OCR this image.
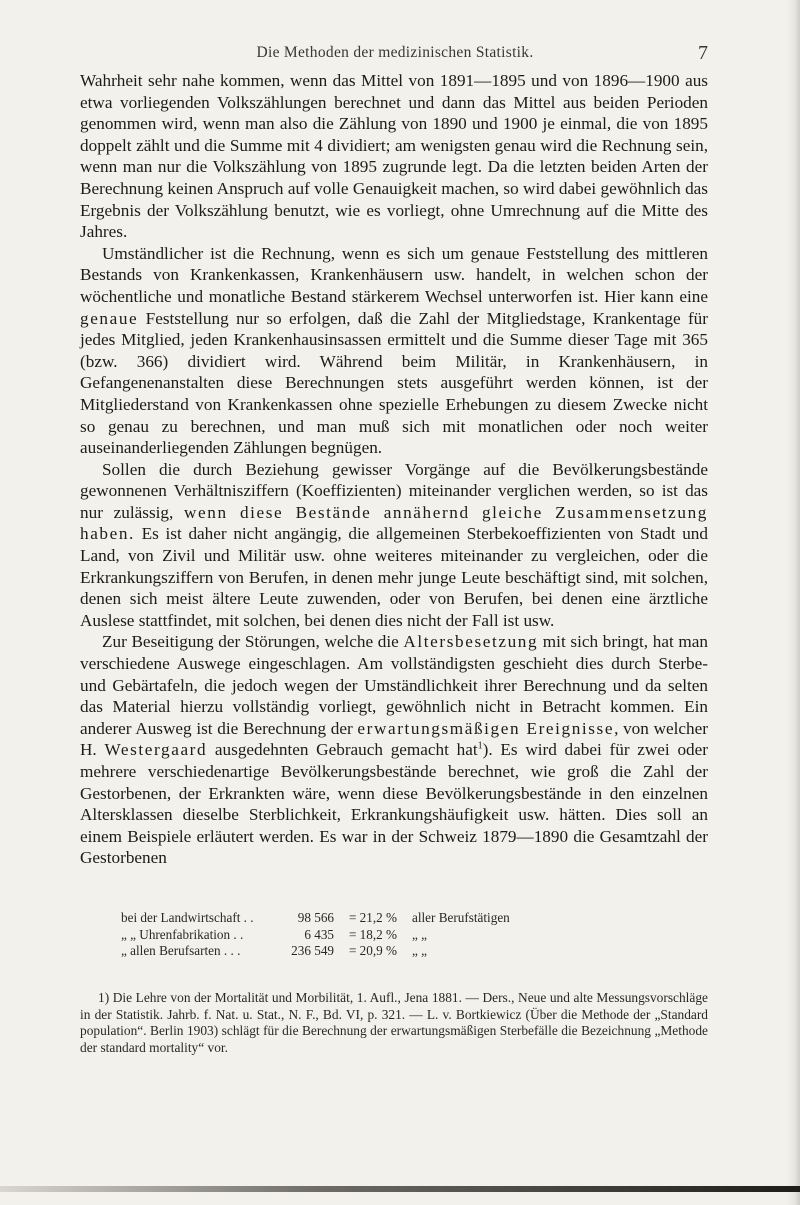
Die Methoden der medizinischen Statistik.	7

Wahrheit sehr nahe kommen, wenn das Mittel von 1891—1895 und von 1896—1900 aus etwa vorliegenden Volkszählungen berechnet und dann das Mittel aus beiden Perioden genommen wird, wenn man also die Zählung von 1890 und 1900 je einmal, die von 1895 doppelt zählt und die Summe mit 4 dividiert; am wenigsten genau wird die Rechnung sein, wenn man nur die Volkszählung von 1895 zugrunde legt. Da die letzten beiden Arten der Berechnung keinen Anspruch auf volle Genauigkeit machen, so wird dabei gewöhnlich das Ergebnis der Volkszählung benutzt, wie es vorliegt, ohne Umrechnung auf die Mitte des Jahres.

Umständlicher ist die Rechnung, wenn es sich um genaue Feststellung des mittleren Bestands von Krankenkassen, Krankenhäusern usw. handelt, in welchen schon der wöchentliche und monatliche Bestand stärkerem Wechsel unterworfen ist. Hier kann eine genaue Feststellung nur so erfolgen, daß die Zahl der Mitgliedstage, Krankentage für jedes Mitglied, jeden Krankenhausinsassen ermittelt und die Summe dieser Tage mit 365 (bzw. 366) dividiert wird. Während beim Militär, in Krankenhäusern, in Gefangenenanstalten diese Berechnungen stets ausgeführt werden können, ist der Mitgliederstand von Krankenkassen ohne spezielle Erhebungen zu diesem Zwecke nicht so genau zu berechnen, und man muß sich mit monatlichen oder noch weiter auseinanderliegenden Zählungen begnügen.

Sollen die durch Beziehung gewisser Vorgänge auf die Bevölkerungsbestände gewonnenen Verhältnisziffern (Koeffizienten) miteinander verglichen werden, so ist das nur zulässig, wenn diese Bestände annähernd gleiche Zusammensetzung haben. Es ist daher nicht angängig, die allgemeinen Sterbekoeffizienten von Stadt und Land, von Zivil und Militär usw. ohne weiteres miteinander zu vergleichen, oder die Erkrankungsziffern von Berufen, in denen mehr junge Leute beschäftigt sind, mit solchen, denen sich meist ältere Leute zuwenden, oder von Berufen, bei denen eine ärztliche Auslese stattfindet, mit solchen, bei denen dies nicht der Fall ist usw.

Zur Beseitigung der Störungen, welche die Altersbesetzung mit sich bringt, hat man verschiedene Auswege eingeschlagen. Am vollständigsten geschieht dies durch Sterbe- und Gebärtafeln, die jedoch wegen der Umständlichkeit ihrer Berechnung und da selten das Material hierzu vollständig vorliegt, gewöhnlich nicht in Betracht kommen. Ein anderer Ausweg ist die Berechnung der erwartungsmäßigen Ereignisse, von welcher H. Westergaard ausgedehnten Gebrauch gemacht hat$^1$). Es wird dabei für zwei oder mehrere verschiedenartige Bevölkerungsbestände berechnet, wie groß die Zahl der Gestorbenen, der Erkrankten wäre, wenn diese Bevölkerungsbestände in den einzelnen Altersklassen dieselbe Sterblichkeit, Erkrankungshäufigkeit usw. hätten. Dies soll an einem Beispiele erläutert werden. Es war in der Schweiz 1879—1890 die Gesamtzahl der Gestorbenen

bei der Landwirtschaft . .	98 566	= 21,2 %	aller Berufstätigen
„ „ Uhrenfabrikation . .	6 435	= 18,2 %	„ „
„ allen Berufsarten . . .	236 549	= 20,9 %	„ „

1) Die Lehre von der Mortalität und Morbilität, 1. Aufl., Jena 1881. — Ders., Neue und alte Messungsvorschläge in der Statistik. Jahrb. f. Nat. u. Stat., N. F., Bd. VI, p. 321. — L. v. Bortkiewicz (Über die Methode der „Standard population“. Berlin 1903) schlägt für die Berechnung der erwartungsmäßigen Sterbefälle die Bezeichnung „Methode der standard mortality“ vor.
